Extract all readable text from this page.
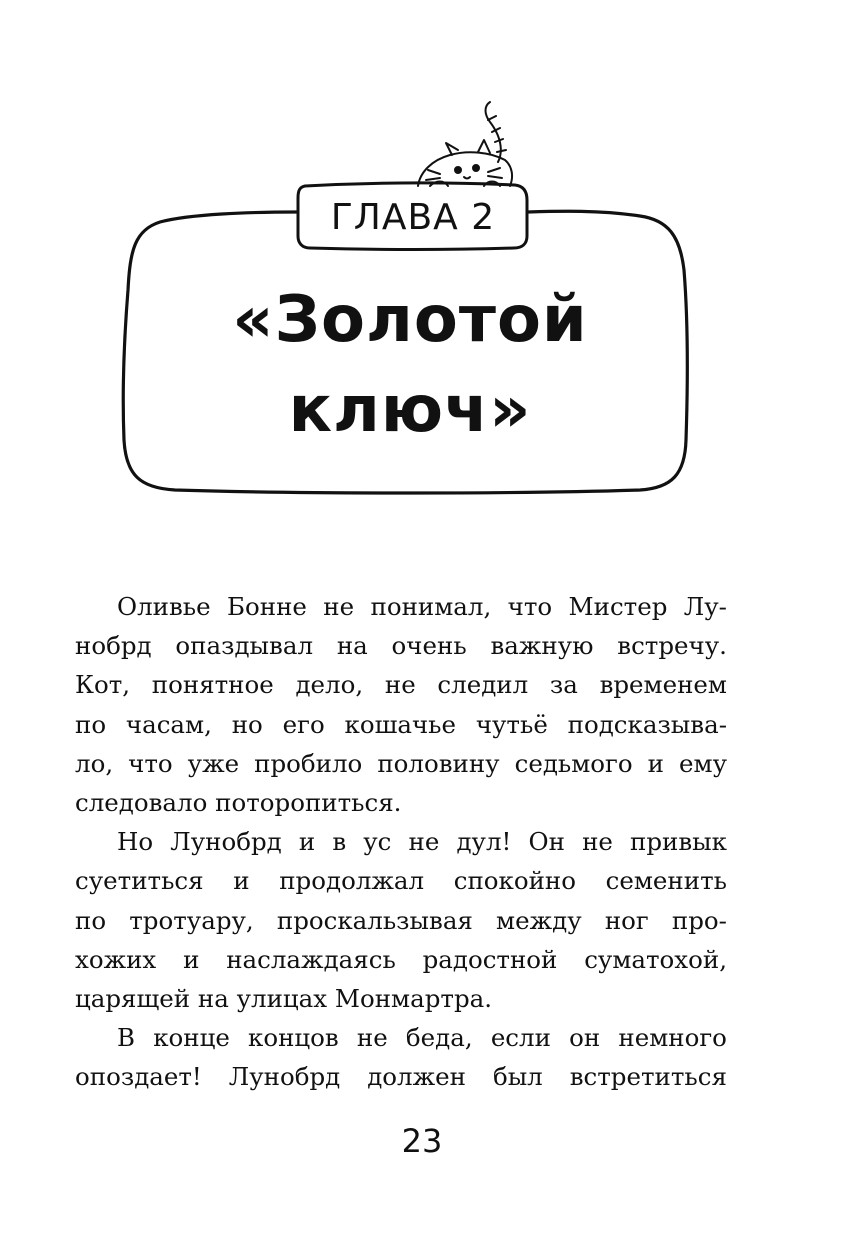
ГЛАВА 2
«Золотой
ключ»

Оливье Бонне не понимал, что Мистер Лу-
нобрд опаздывал на очень важную встречу.
Кот, понятное дело, не следил за временем
по часам, но его кошачье чутьё подсказыва-
ло, что уже пробило половину седьмого и ему
следовало поторопиться.

Но Лунобрд и в ус не дул! Он не привык
суетиться и продолжал спокойно семенить
по тротуару, проскальзывая между ног про-
хожих и наслаждаясь радостной суматохой,
царящей на улицах Монмартра.

В конце концов не беда, если он немного
опоздает! Лунобрд должен был встретиться

23
